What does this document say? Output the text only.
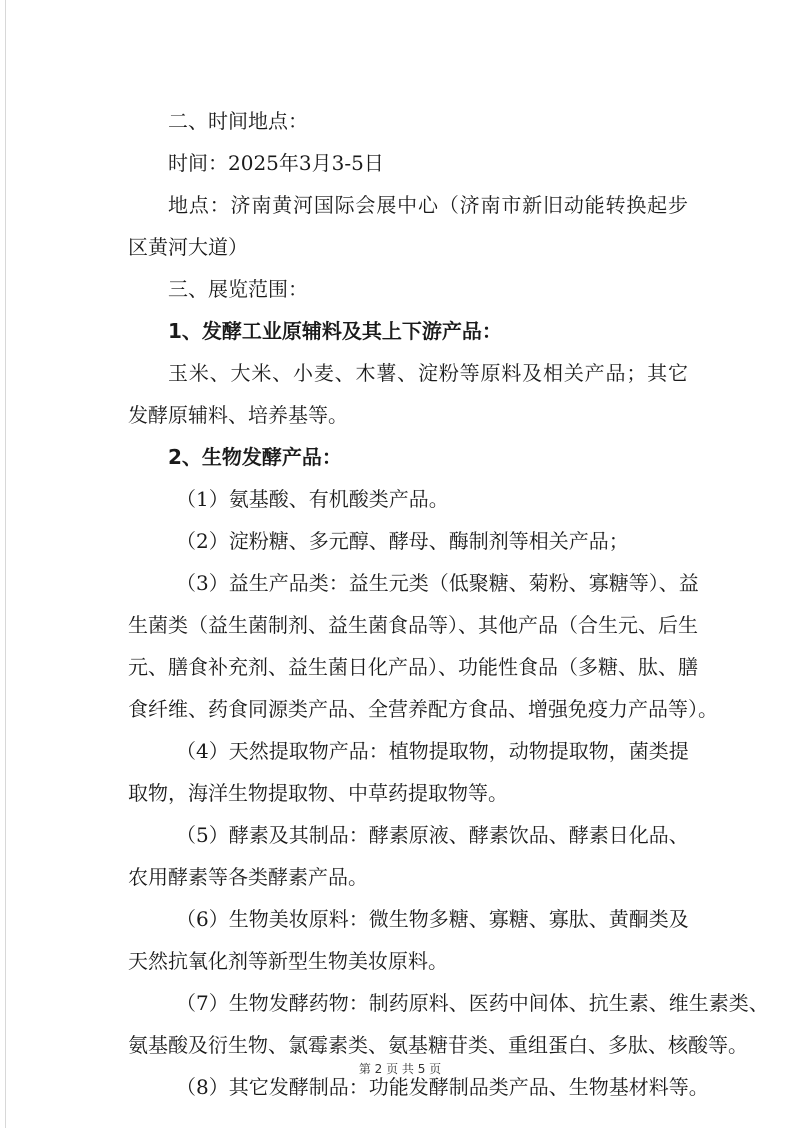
二、时间地点：
时间：2025年3月3-5日
地点：济南黄河国际会展中心（济南市新旧动能转换起步
区黄河大道）
三、展览范围：
1、发酵工业原辅料及其上下游产品：
玉米、大米、小麦、木薯、淀粉等原料及相关产品；其它
发酵原辅料、培养基等。
2、生物发酵产品：
（1）氨基酸、有机酸类产品。
（2）淀粉糖、多元醇、酵母、酶制剂等相关产品；
（3）益生产品类：益生元类（低聚糖、菊粉、寡糖等）、益
生菌类（益生菌制剂、益生菌食品等）、其他产品（合生元、后生
元、膳食补充剂、益生菌日化产品）、功能性食品（多糖、肽、膳
食纤维、药食同源类产品、全营养配方食品、增强免疫力产品等）。
（4）天然提取物产品：植物提取物，动物提取物，菌类提
取物，海洋生物提取物、中草药提取物等。
（5）酵素及其制品：酵素原液、酵素饮品、酵素日化品、
农用酵素等各类酵素产品。
（6）生物美妆原料：微生物多糖、寡糖、寡肽、黄酮类及
天然抗氧化剂等新型生物美妆原料。
（7）生物发酵药物：制药原料、医药中间体、抗生素、维生素类、
氨基酸及衍生物、氯霉素类、氨基糖苷类、重组蛋白、多肽、核酸等。
（8）其它发酵制品：功能发酵制品类产品、生物基材料等。
第 2 页 共 5 页
